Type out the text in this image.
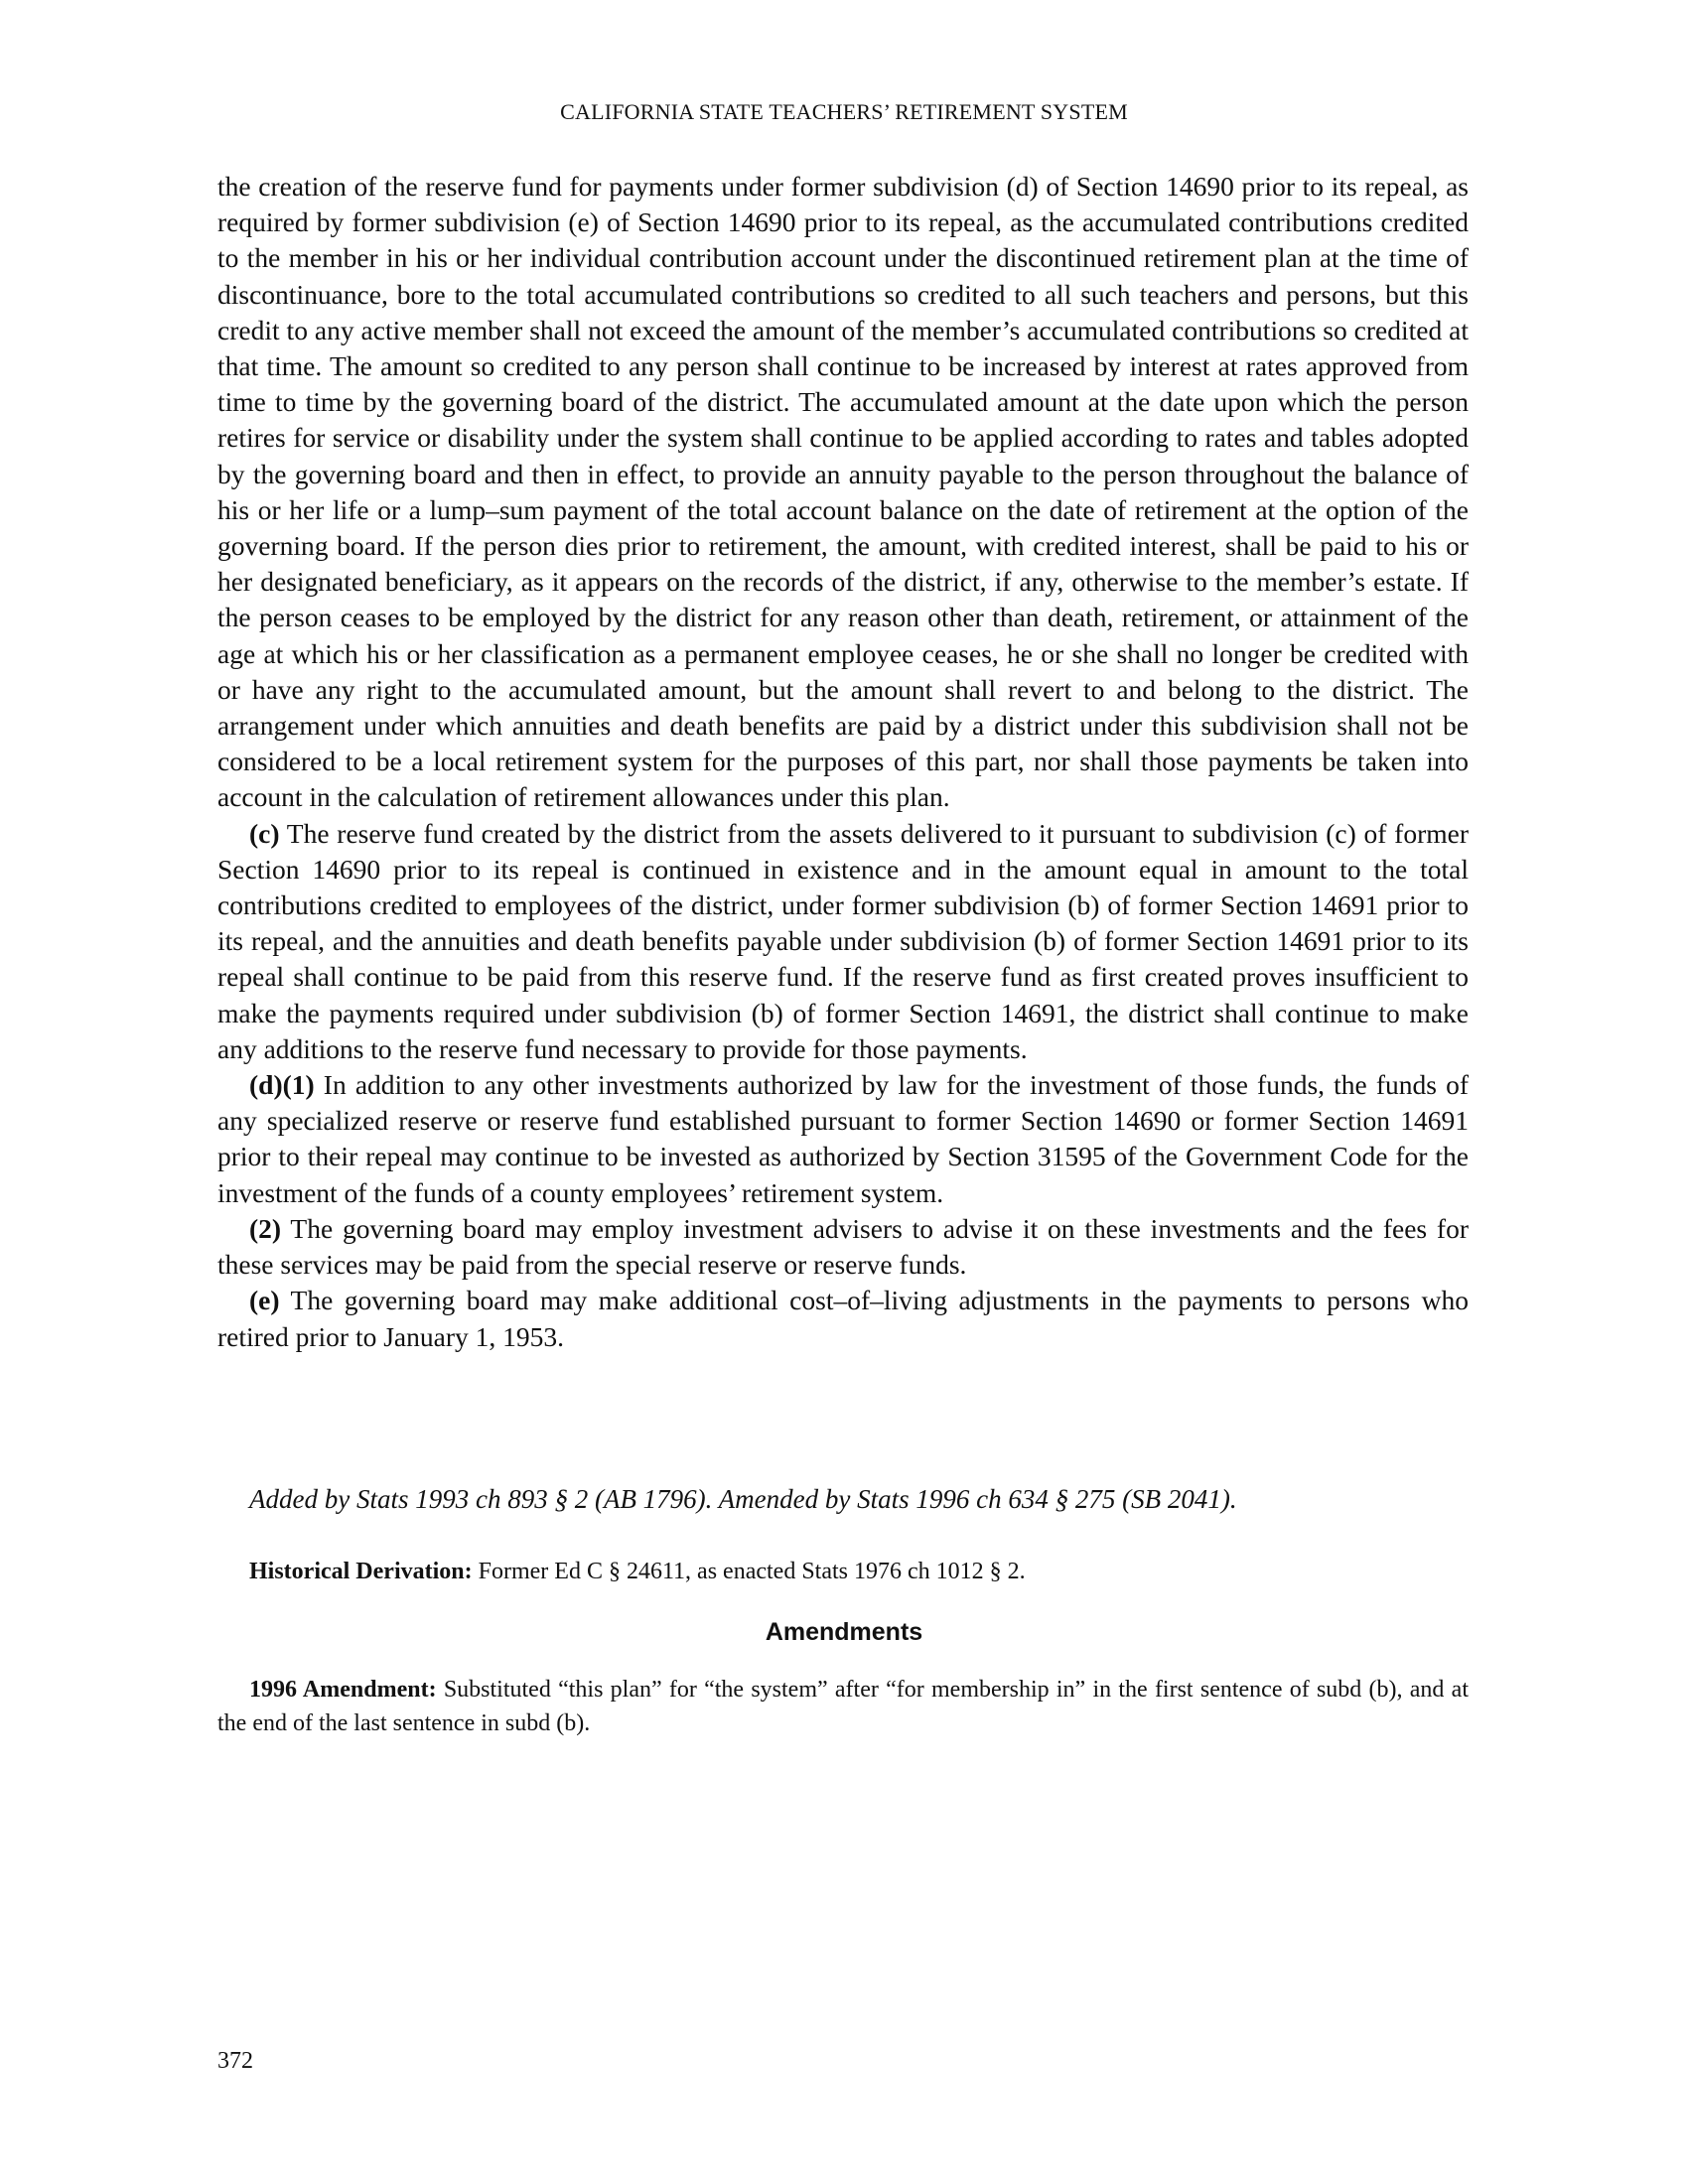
CALIFORNIA STATE TEACHERS’ RETIREMENT SYSTEM

the creation of the reserve fund for payments under former subdivision (d) of Section 14690 prior to its repeal, as required by former subdivision (e) of Section 14690 prior to its repeal, as the accumulated contributions credited to the member in his or her individual contribution account under the discontinued retirement plan at the time of discontinuance, bore to the total accumulated contributions so credited to all such teachers and persons, but this credit to any active member shall not exceed the amount of the member’s accumulated contributions so credited at that time. The amount so credited to any person shall continue to be increased by interest at rates approved from time to time by the governing board of the district. The accumulated amount at the date upon which the person retires for service or disability under the system shall continue to be applied according to rates and tables adopted by the governing board and then in effect, to provide an annuity payable to the person throughout the balance of his or her life or a lump–sum payment of the total account balance on the date of retirement at the option of the governing board. If the person dies prior to retirement, the amount, with credited interest, shall be paid to his or her designated beneficiary, as it appears on the records of the district, if any, otherwise to the member’s estate. If the person ceases to be employed by the district for any reason other than death, retirement, or attainment of the age at which his or her classification as a permanent employee ceases, he or she shall no longer be credited with or have any right to the accumulated amount, but the amount shall revert to and belong to the district. The arrangement under which annuities and death benefits are paid by a district under this subdivision shall not be considered to be a local retirement system for the purposes of this part, nor shall those payments be taken into account in the calculation of retirement allowances under this plan.

(c) The reserve fund created by the district from the assets delivered to it pursuant to subdivision (c) of former Section 14690 prior to its repeal is continued in existence and in the amount equal in amount to the total contributions credited to employees of the district, under former subdivision (b) of former Section 14691 prior to its repeal, and the annuities and death benefits payable under subdivision (b) of former Section 14691 prior to its repeal shall continue to be paid from this reserve fund. If the reserve fund as first created proves insufficient to make the payments required under subdivision (b) of former Section 14691, the district shall continue to make any additions to the reserve fund necessary to provide for those payments.

(d)(1) In addition to any other investments authorized by law for the investment of those funds, the funds of any specialized reserve or reserve fund established pursuant to former Section 14690 or former Section 14691 prior to their repeal may continue to be invested as authorized by Section 31595 of the Government Code for the investment of the funds of a county employees’ retirement system.

(2) The governing board may employ investment advisers to advise it on these investments and the fees for these services may be paid from the special reserve or reserve funds.

(e) The governing board may make additional cost–of–living adjustments in the payments to persons who retired prior to January 1, 1953.

Added by Stats 1993 ch 893 § 2 (AB 1796). Amended by Stats 1996 ch 634 § 275 (SB 2041).
Historical Derivation: Former Ed C § 24611, as enacted Stats 1976 ch 1012 § 2.
Amendments

1996 Amendment: Substituted “this plan” for “the system” after “for membership in” in the first sentence of subd (b), and at the end of the last sentence in subd (b).

372
